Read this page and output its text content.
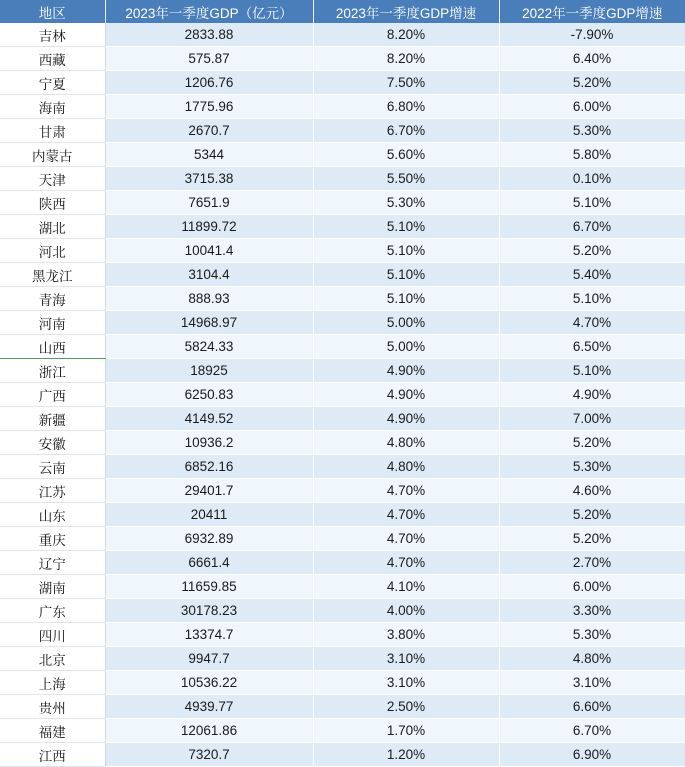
地区	2023年一季度GDP（亿元）	2023年一季度GDP增速	2022年一季度GDP增速
吉林	2833.88	8.20%	-7.90%
西藏	575.87	8.20%	6.40%
宁夏	1206.76	7.50%	5.20%
海南	1775.96	6.80%	6.00%
甘肃	2670.7	6.70%	5.30%
内蒙古	5344	5.60%	5.80%
天津	3715.38	5.50%	0.10%
陕西	7651.9	5.30%	5.10%
湖北	11899.72	5.10%	6.70%
河北	10041.4	5.10%	5.20%
黑龙江	3104.4	5.10%	5.40%
青海	888.93	5.10%	5.10%
河南	14968.97	5.00%	4.70%
山西	5824.33	5.00%	6.50%
浙江	18925	4.90%	5.10%
广西	6250.83	4.90%	4.90%
新疆	4149.52	4.90%	7.00%
安徽	10936.2	4.80%	5.20%
云南	6852.16	4.80%	5.30%
江苏	29401.7	4.70%	4.60%
山东	20411	4.70%	5.20%
重庆	6932.89	4.70%	5.20%
辽宁	6661.4	4.70%	2.70%
湖南	11659.85	4.10%	6.00%
广东	30178.23	4.00%	3.30%
四川	13374.7	3.80%	5.30%
北京	9947.7	3.10%	4.80%
上海	10536.22	3.10%	3.10%
贵州	4939.77	2.50%	6.60%
福建	12061.86	1.70%	6.70%
江西	7320.7	1.20%	6.90%
